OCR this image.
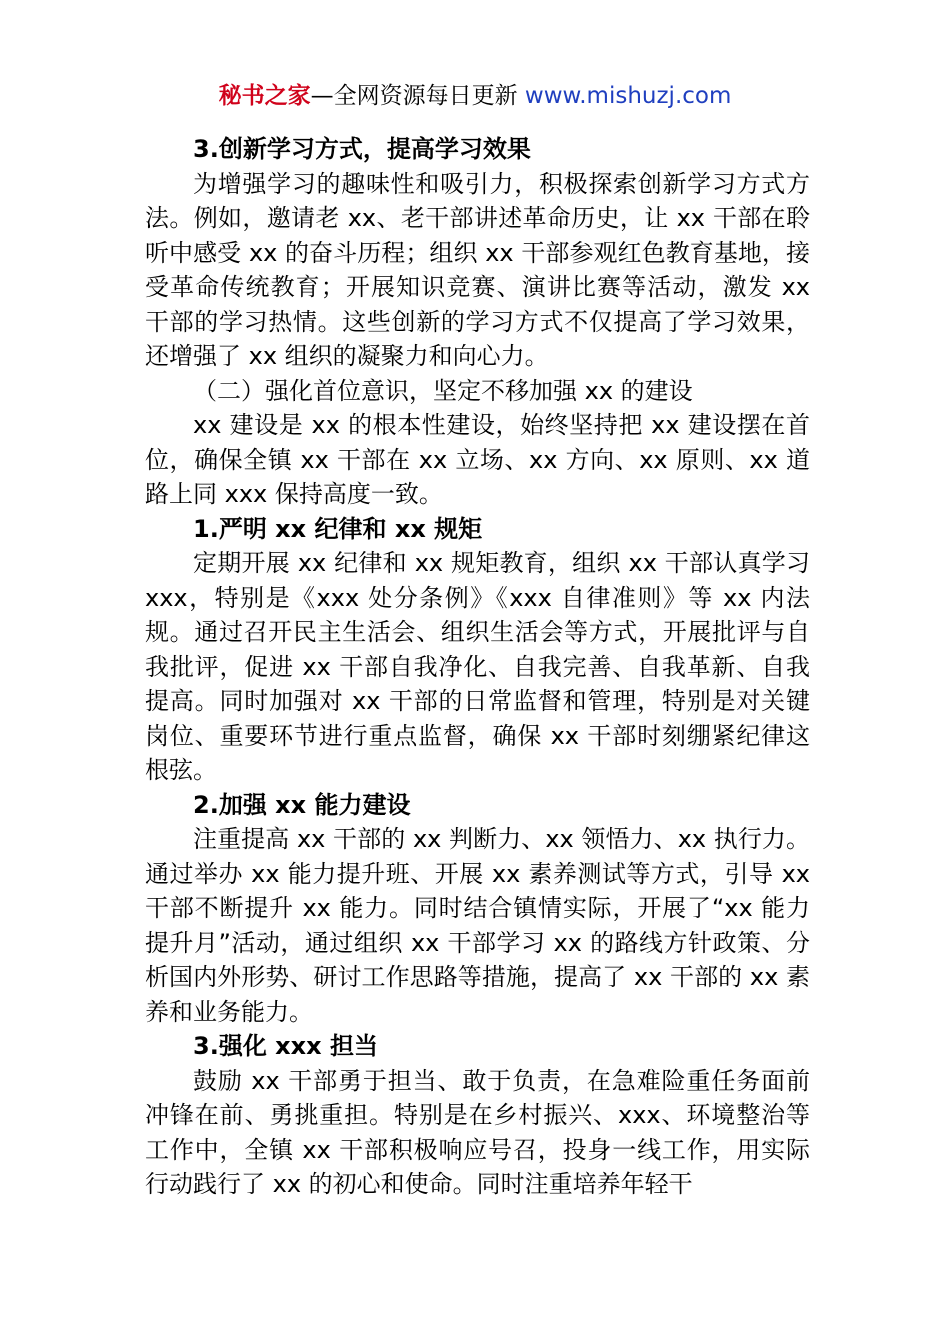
秘书之家—全网资源每日更新 www.mishuzj.com

3.创新学习方式，提高学习效果

为增强学习的趣味性和吸引力，积极探索创新学习方式方法。例如，邀请老 xx、老干部讲述革命历史，让 xx 干部在聆听中感受 xx 的奋斗历程；组织 xx 干部参观红色教育基地，接受革命传统教育；开展知识竞赛、演讲比赛等活动，激发 xx 干部的学习热情。这些创新的学习方式不仅提高了学习效果，还增强了 xx 组织的凝聚力和向心力。

（二）强化首位意识，坚定不移加强 xx 的建设

xx 建设是 xx 的根本性建设，始终坚持把 xx 建设摆在首位，确保全镇 xx 干部在 xx 立场、xx 方向、xx 原则、xx 道路上同 xxx 保持高度一致。

1.严明 xx 纪律和 xx 规矩

定期开展 xx 纪律和 xx 规矩教育，组织 xx 干部认真学习 xxx，特别是《xxx 处分条例》《xxx 自律准则》等 xx 内法规。通过召开民主生活会、组织生活会等方式，开展批评与自我批评，促进 xx 干部自我净化、自我完善、自我革新、自我提高。同时加强对 xx 干部的日常监督和管理，特别是对关键岗位、重要环节进行重点监督，确保 xx 干部时刻绷紧纪律这根弦。

2.加强 xx 能力建设

注重提高 xx 干部的 xx 判断力、xx 领悟力、xx 执行力。通过举办 xx 能力提升班、开展 xx 素养测试等方式，引导 xx 干部不断提升 xx 能力。同时结合镇情实际，开展了“xx 能力提升月”活动，通过组织 xx 干部学习 xx 的路线方针政策、分析国内外形势、研讨工作思路等措施，提高了 xx 干部的 xx 素养和业务能力。

3.强化 xxx 担当

鼓励 xx 干部勇于担当、敢于负责，在急难险重任务面前冲锋在前、勇挑重担。特别是在乡村振兴、xxx、环境整治等工作中，全镇 xx 干部积极响应号召，投身一线工作，用实际行动践行了 xx 的初心和使命。同时注重培养年轻干
